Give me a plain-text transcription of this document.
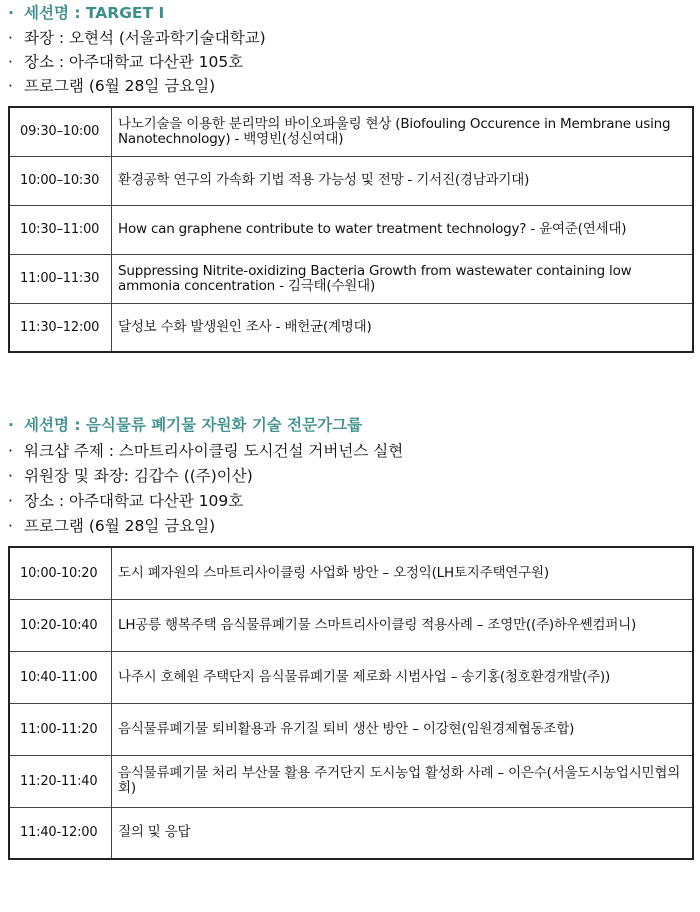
· 세션명 : TARGET Ⅰ
· 좌장 : 오현석 (서울과학기술대학교)
· 장소 : 아주대학교 다산관 105호
· 프로그램 (6월 28일 금요일)
09:30–10:00	나노기술을 이용한 분리막의 바이오파울링 현상 (Biofouling Occurence in Membrane using Nanotechnology) - 백영빈(성신여대)
10:00–10:30	환경공학 연구의 가속화 기법 적용 가능성 및 전망 - 기서진(경남과기대)
10:30–11:00	How can graphene contribute to water treatment technology? - 윤여준(연세대)
11:00–11:30	Suppressing Nitrite-oxidizing Bacteria Growth from wastewater containing low ammonia concentration - 김극태(수원대)
11:30–12:00	달성보 수화 발생원인 조사 - 배헌균(계명대)
· 세션명 : 음식물류 폐기물 자원화 기술 전문가그룹
· 워크샵 주제 : 스마트리사이클링 도시건설 거버넌스 실현
· 위원장 및 좌장: 김갑수 ((주)이산)
· 장소 : 아주대학교 다산관 109호
· 프로그램 (6월 28일 금요일)
10:00-10:20	도시 폐자원의 스마트리사이클링 사업화 방안 – 오정익(LH토지주택연구원)
10:20-10:40	LH공릉 행복주택 음식물류폐기물 스마트리사이클링 적용사례 – 조영만((주)하우쎈컴퍼니)
10:40-11:00	나주시 호혜원 주택단지 음식물류폐기물 제로화 시범사업 – 송기홍(청호환경개발(주))
11:00-11:20	음식물류폐기물 퇴비활용과 유기질 퇴비 생산 방안 – 이강현(임원경제협동조합)
11:20-11:40	음식물류폐기물 처리 부산물 활용 주거단지 도시농업 활성화 사례 – 이은수(서울도시농업시민협의회)
11:40-12:00	질의 및 응답
